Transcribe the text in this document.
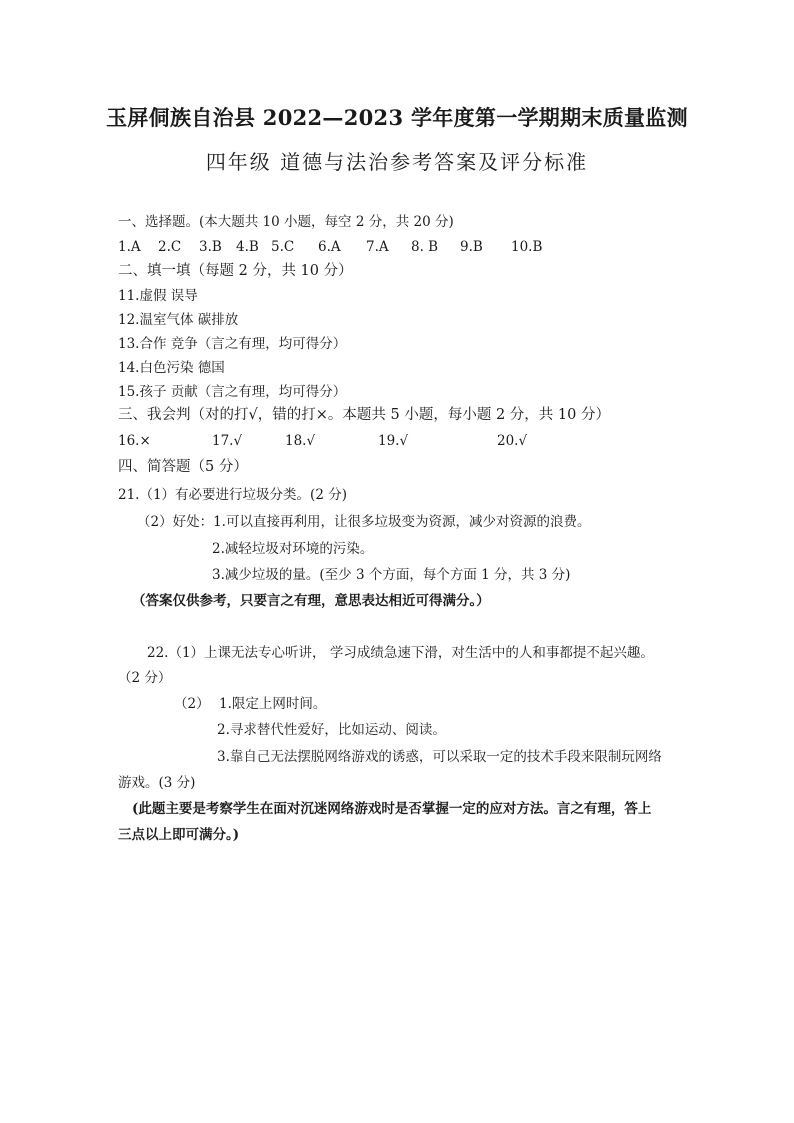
玉屏侗族自治县 2022—2023 学年度第一学期期末质量监测
四年级 道德与法治参考答案及评分标准
一、选择题。(本大题共 10 小题，每空 2 分，共 20 分)
1.A 2.C 3.B 4.B 5.C 6.A 7.A 8. B 9.B 10.B
二、填一填（每题 2 分，共 10 分）
11.虚假 误导
12.温室气体 碳排放
13.合作 竞争（言之有理，均可得分）
14.白色污染 德国
15.孩子 贡献（言之有理，均可得分）
三、我会判（对的打√，错的打×。本题共 5 小题，每小题 2 分，共 10 分）
16.×	17.√	18.√	19.√	20.√
四、简答题（5 分）
21.（1）有必要进行垃圾分类。(2 分)
（2）好处：1.可以直接再利用，让很多垃圾变为资源，减少对资源的浪费。
2.减轻垃圾对环境的污染。
3.减少垃圾的量。(至少 3 个方面，每个方面 1 分，共 3 分)
（答案仅供参考，只要言之有理，意思表达相近可得满分。）
22.（1）上课无法专心听讲， 学习成绩急速下滑，对生活中的人和事都提不起兴趣。
（2 分）
（2） 1.限定上网时间。
2.寻求替代性爱好，比如运动、阅读。
3.靠自己无法摆脱网络游戏的诱惑，可以采取一定的技术手段来限制玩网络
游戏。(3 分)
(此题主要是考察学生在面对沉迷网络游戏时是否掌握一定的应对方法。言之有理，答上
三点以上即可满分。)
